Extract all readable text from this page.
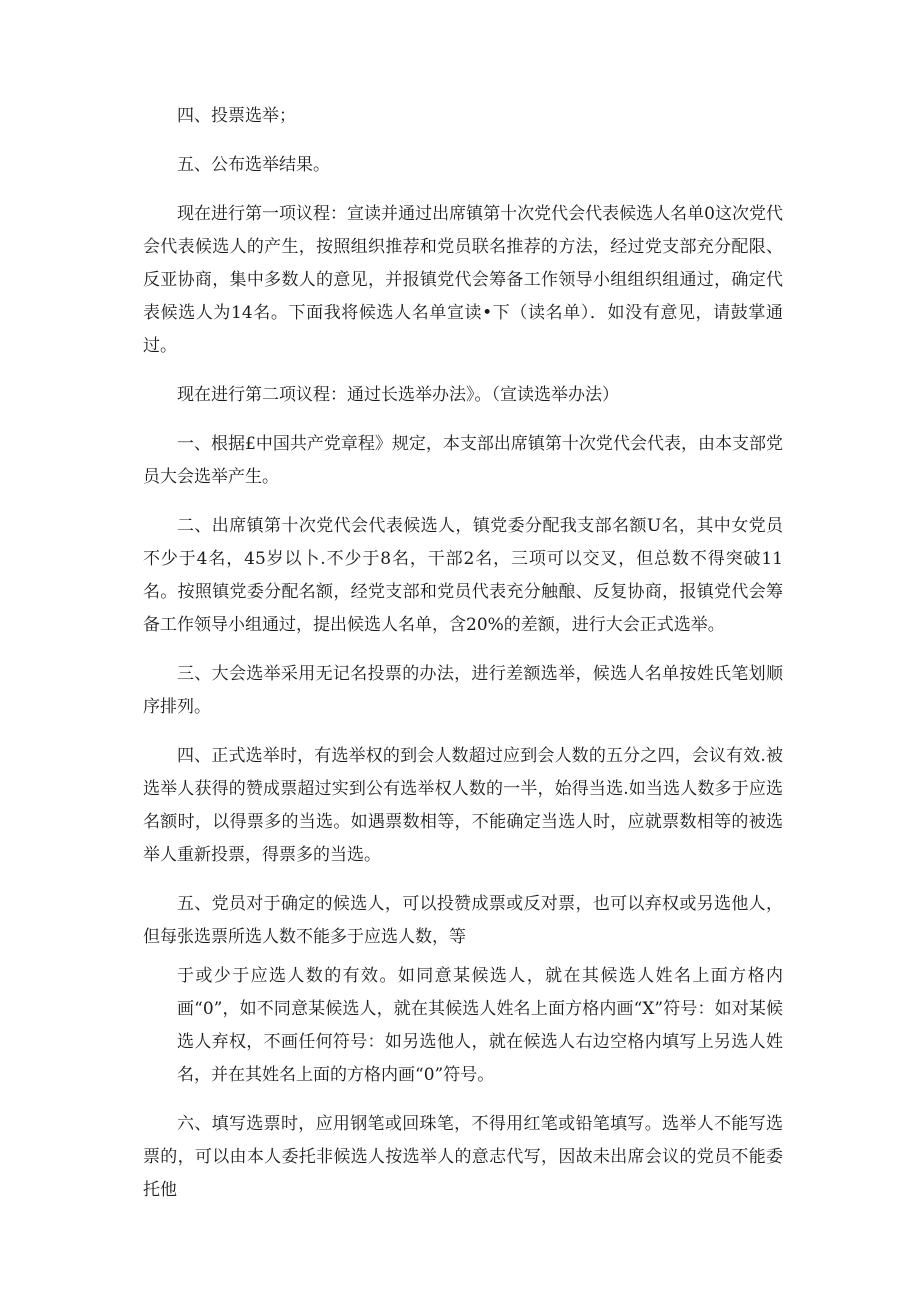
四、投票选举；

五、公布选举结果。

现在进行第一项议程：宣读并通过出席镇第十次党代会代表候选人名单0这次党代会代表候选人的产生，按照组织推荐和党员联名推荐的方法，经过党支部充分配限、反亚协商，集中多数人的意见，并报镇党代会筹备工作领导小组组织组通过，确定代表候选人为14名。下面我将候选人名单宣读•下（读名单）．如没有意见，请鼓掌通过。

现在进行第二项议程：通过长选举办法》。（宣读选举办法）

一、根据£中国共产党章程》规定，本支部出席镇第十次党代会代表，由本支部党员大会选举产生。

二、出席镇第十次党代会代表候选人，镇党委分配我支部名额U名，其中女党员不少于4名，45岁以卜.不少于8名，干部2名，三项可以交叉，但总数不得突破11名。按照镇党委分配名额，经党支部和党员代表充分触酿、反复协商，报镇党代会筹备工作领导小组通过，提出候选人名单，含20%的差额，进行大会正式选举。

三、大会选举采用无记名投票的办法，进行差额选举，候选人名单按姓氏笔划顺序排列。

四、正式选举时，有选举权的到会人数超过应到会人数的五分之四，会议有效.被选举人获得的赞成票超过实到公有选举权人数的一半，始得当选.如当选人数多于应选名额时，以得票多的当选。如遇票数相等，不能确定当选人时，应就票数相等的被选举人重新投票，得票多的当选。

五、党员对于确定的候选人，可以投赞成票或反对票，也可以弃权或另选他人，但每张选票所选人数不能多于应选人数，等

于或少于应选人数的有效。如同意某候选人，就在其候选人姓名上面方格内画“0”，如不同意某候选人，就在其候选人姓名上面方格内画“X”符号：如对某候选人弃权，不画任何符号：如另选他人，就在候选人右边空格内填写上另选人姓名，并在其姓名上面的方格内画“0”符号。

六、填写选票时，应用钢笔或回珠笔，不得用红笔或铅笔填写。选举人不能写选票的，可以由本人委托非候选人按选举人的意志代写，因故未出席会议的党员不能委托他
